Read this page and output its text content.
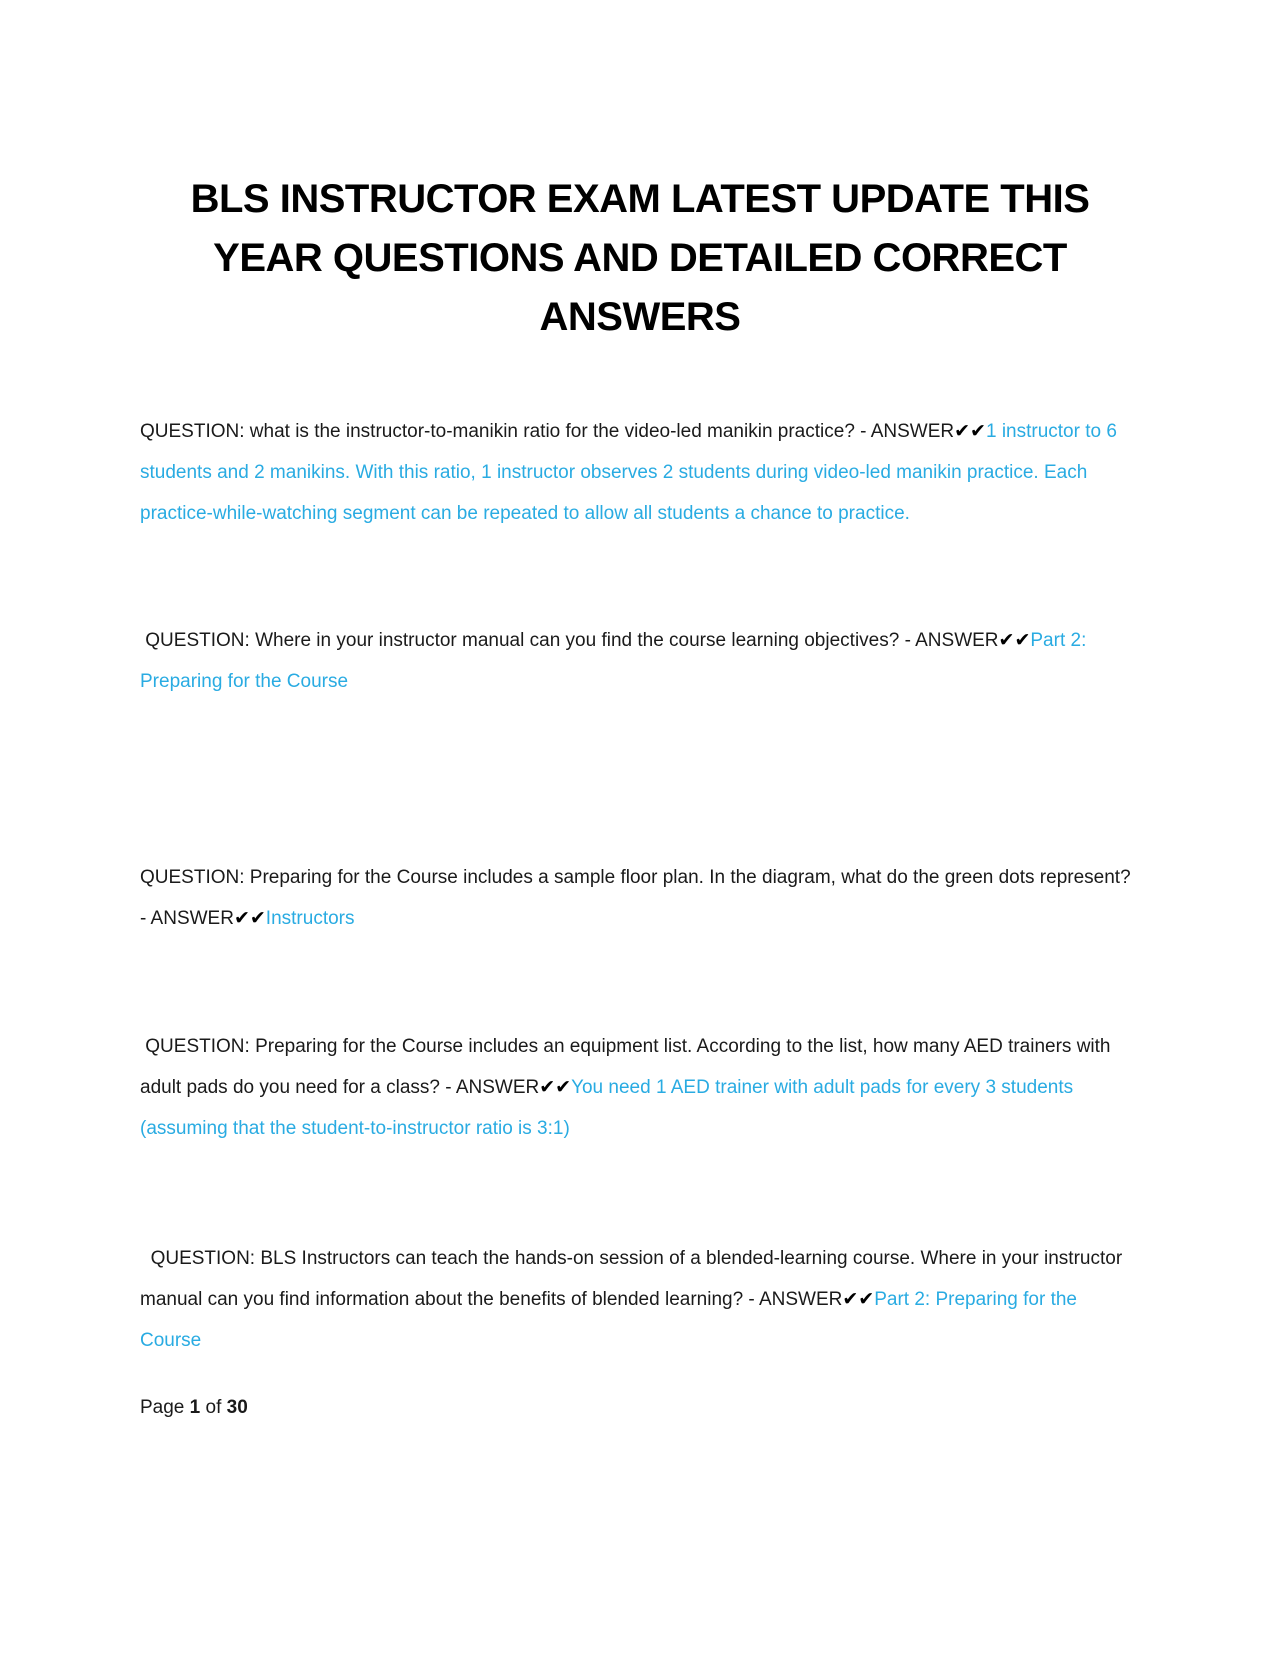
BLS INSTRUCTOR EXAM LATEST UPDATE THIS YEAR QUESTIONS AND DETAILED CORRECT ANSWERS

QUESTION: what is the instructor-to-manikin ratio for the video-led manikin practice? - ANSWER✔✔1 instructor to 6 students and 2 manikins. With this ratio, 1 instructor observes 2 students during video-led manikin practice. Each practice-while-watching segment can be repeated to allow all students a chance to practice.

QUESTION: Where in your instructor manual can you find the course learning objectives? - ANSWER✔✔Part 2: Preparing for the Course

QUESTION: Preparing for the Course includes a sample floor plan. In the diagram, what do the green dots represent? - ANSWER✔✔Instructors

QUESTION: Preparing for the Course includes an equipment list. According to the list, how many AED trainers with adult pads do you need for a class? - ANSWER✔✔You need 1 AED trainer with adult pads for every 3 students (assuming that the student-to-instructor ratio is 3:1)

QUESTION: BLS Instructors can teach the hands-on session of a blended-learning course. Where in your instructor manual can you find information about the benefits of blended learning? - ANSWER✔✔Part 2: Preparing for the Course

Page 1 of 30
